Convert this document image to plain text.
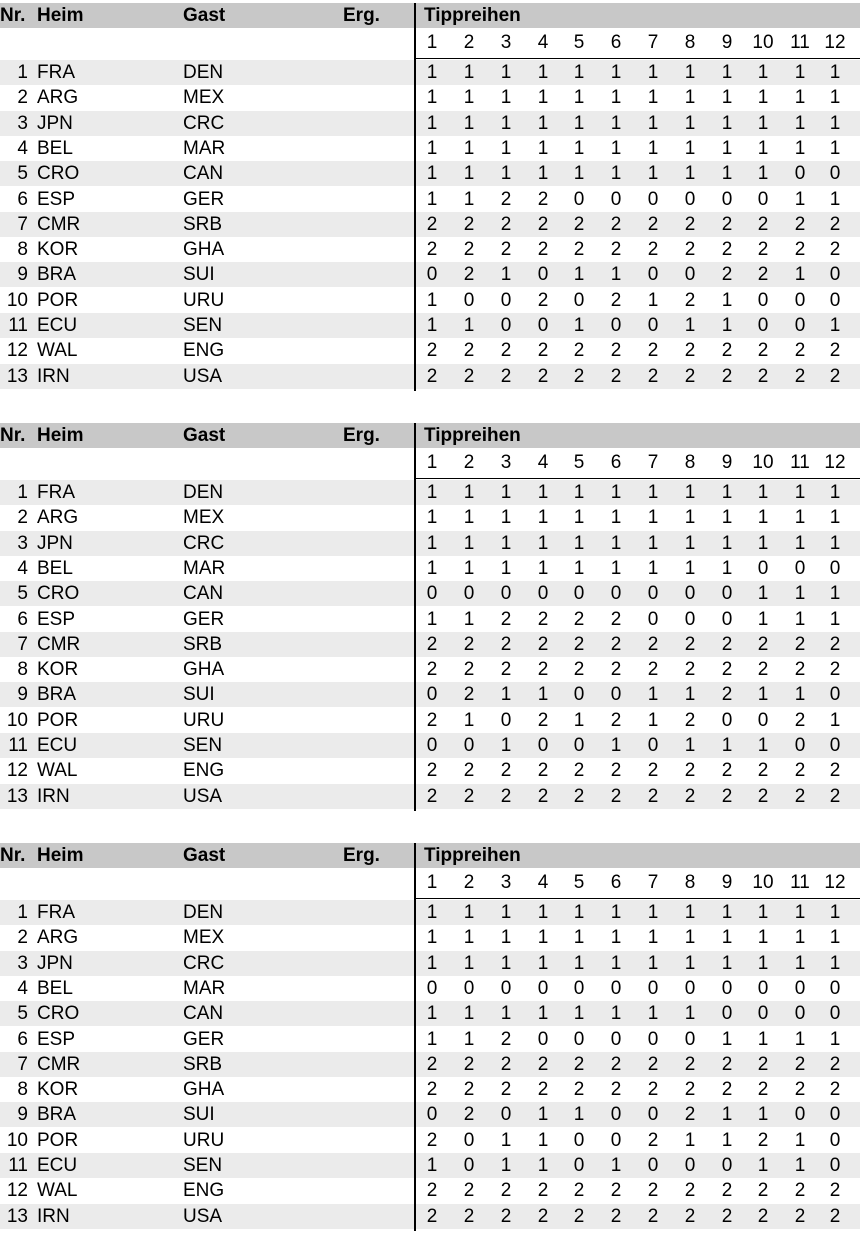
Nr. Heim	Gast	Erg. Tippreihen
1	2	3	4	5	6	7	8	9	10 11 12
1 FRA	DEN	1	1	1	1	1	1	1	1	1	1	1	1
2 ARG	MEX	1	1	1	1	1	1	1	1	1	1	1	1
3 JPN	CRC	1	1	1	1	1	1	1	1	1	1	1	1
4 BEL	MAR	1	1	1	1	1	1	1	1	1	1	1	1
5 CRO	CAN	1	1	1	1	1	1	1	1	1	1	0	0
6 ESP	GER	1	1	2	2	0	0	0	0	0	0	1	1
7 CMR	SRB	2	2	2	2	2	2	2	2	2	2	2	2
8 KOR	GHA	2	2	2	2	2	2	2	2	2	2	2	2
9 BRA	SUI	0	2	1	0	1	1	0	0	2	2	1	0
10 POR	URU	1	0	0	2	0	2	1	2	1	0	0	0
11 ECU	SEN	1	1	0	0	1	0	0	1	1	0	0	1
12 WAL	ENG	2	2	2	2	2	2	2	2	2	2	2	2
13 IRN	USA	2	2	2	2	2	2	2	2	2	2	2	2
Nr. Heim	Gast	Erg. Tippreihen
1	2	3	4	5	6	7	8	9	10 11 12
1 FRA	DEN	1	1	1	1	1	1	1	1	1	1	1	1
2 ARG	MEX	1	1	1	1	1	1	1	1	1	1	1	1
3 JPN	CRC	1	1	1	1	1	1	1	1	1	1	1	1
4 BEL	MAR	1	1	1	1	1	1	1	1	1	0	0	0
5 CRO	CAN	0	0	0	0	0	0	0	0	0	1	1	1
6 ESP	GER	1	1	2	2	2	2	0	0	0	1	1	1
7 CMR	SRB	2	2	2	2	2	2	2	2	2	2	2	2
8 KOR	GHA	2	2	2	2	2	2	2	2	2	2	2	2
9 BRA	SUI	0	2	1	1	0	0	1	1	2	1	1	0
10 POR	URU	2	1	0	2	1	2	1	2	0	0	2	1
11 ECU	SEN	0	0	1	0	0	1	0	1	1	1	0	0
12 WAL	ENG	2	2	2	2	2	2	2	2	2	2	2	2
13 IRN	USA	2	2	2	2	2	2	2	2	2	2	2	2
Nr. Heim	Gast	Erg. Tippreihen
1	2	3	4	5	6	7	8	9	10 11 12
1 FRA	DEN	1	1	1	1	1	1	1	1	1	1	1	1
2 ARG	MEX	1	1	1	1	1	1	1	1	1	1	1	1
3 JPN	CRC	1	1	1	1	1	1	1	1	1	1	1	1
4 BEL	MAR	0	0	0	0	0	0	0	0	0	0	0	0
5 CRO	CAN	1	1	1	1	1	1	1	1	0	0	0	0
6 ESP	GER	1	1	2	0	0	0	0	0	1	1	1	1
7 CMR	SRB	2	2	2	2	2	2	2	2	2	2	2	2
8 KOR	GHA	2	2	2	2	2	2	2	2	2	2	2	2
9 BRA	SUI	0	2	0	1	1	0	0	2	1	1	0	0
10 POR	URU	2	0	1	1	0	0	2	1	1	2	1	0
11 ECU	SEN	1	0	1	1	0	1	0	0	0	1	1	0
12 WAL	ENG	2	2	2	2	2	2	2	2	2	2	2	2
13 IRN	USA	2	2	2	2	2	2	2	2	2	2	2	2
